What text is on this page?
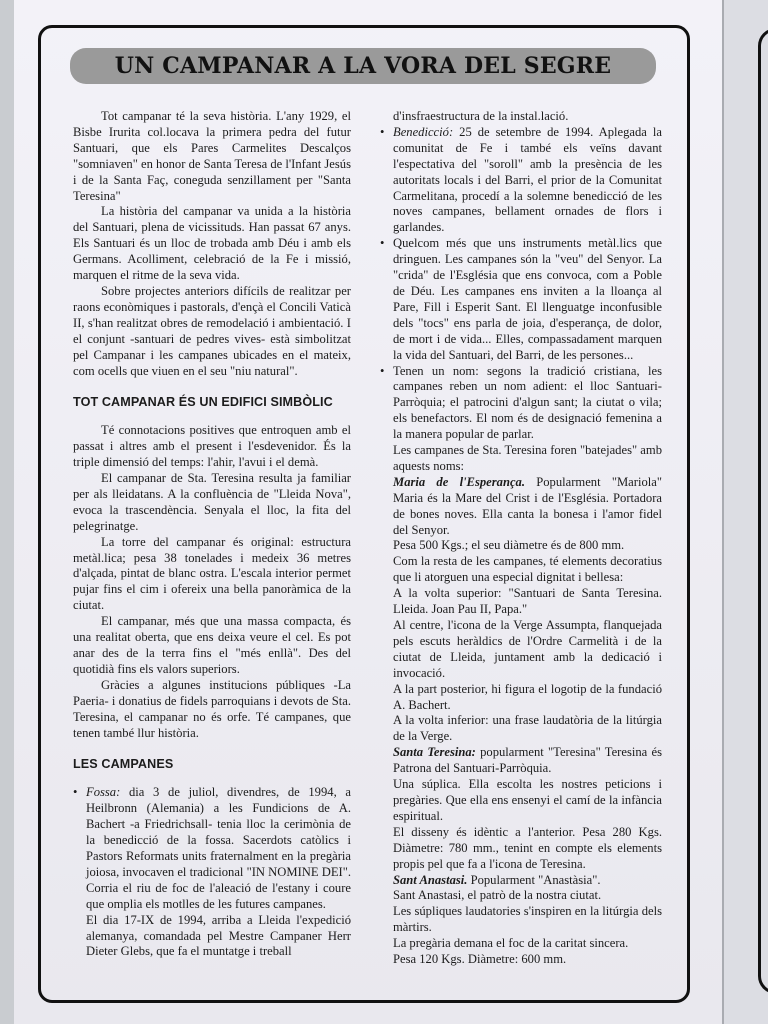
UN CAMPANAR A LA VORA DEL SEGRE

Tot campanar té la seva història. L'any 1929, el Bisbe Irurita col.locava la primera pedra del futur Santuari, que els Pares Carmelites Descalços "somniaven" en honor de Santa Teresa de l'Infant Jesús i de la Santa Faç, coneguda senzillament per "Santa Teresina"

La història del campanar va unida a la història del Santuari, plena de vicissituds. Han passat 67 anys. Els Santuari és un lloc de trobada amb Déu i amb els Germans. Acolliment, celebració de la Fe i missió, marquen el ritme de la seva vida.

Sobre projectes anteriors difícils de realitzar per raons econòmiques i pastorals, d'ençà el Concili Vaticà II, s'han realitzat obres de remodelació i ambientació. I el conjunt -santuari de pedres vives- està simbolitzat pel Campanar i les campanes ubicades en el mateix, com ocells que viuen en el seu "niu natural".

TOT CAMPANAR ÉS UN EDIFICI SIMBÒLIC

Té connotacions positives que entroquen amb el passat i altres amb el present i l'esdevenidor. És la triple dimensió del temps: l'ahir, l'avui i el demà.

El campanar de Sta. Teresina resulta ja familiar per als lleidatans. A la confluència de "Lleida Nova", evoca la trascendència. Senyala el lloc, la fita del pelegrinatge.

La torre del campanar és original: estructura metàl.lica; pesa 38 tonelades i medeix 36 metres d'alçada, pintat de blanc ostra. L'escala interior permet pujar fins el cim i ofereix una bella panoràmica de la ciutat.

El campanar, més que una massa compacta, és una realitat oberta, que ens deixa veure el cel. Es pot anar des de la terra fins el "més enllà". Des del quotidià fins els valors superiors.

Gràcies a algunes institucions públiques -La Paeria- i donatius de fidels parroquians i devots de Sta. Teresina, el campanar no és orfe. Té campanes, que tenen també llur història.

LES CAMPANES

• Fossa: dia 3 de juliol, divendres, de 1994, a Heilbronn (Alemania) a les Fundicions de A. Bachert -a Friedrichsall- tenia lloc la cerimònia de la benedicció de la fossa. Sacerdots catòlics i Pastors Reformats units fraternalment en la pregària joiosa, invocaven el tradicional "IN NOMINE DEI". Corria el riu de foc de l'aleació de l'estany i coure que omplia els motlles de les futures campanes.

El dia 17-IX de 1994, arriba a Lleida l'expedició alemanya, comandada pel Mestre Campaner Herr Dieter Glebs, que fa el muntatge i treball

d'insfraestructura de la instal.lació.

• Benedicció: 25 de setembre de 1994. Aplegada la comunitat de Fe i també els veïns davant l'espectativa del "soroll" amb la presència de les autoritats locals i del Barri, el prior de la Comunitat Carmelitana, procedí a la solemne benedicció de les noves campanes, bellament ornades de flors i garlandes.
• Quelcom més que uns instruments metàl.lics que dringuen. Les campanes són la "veu" del Senyor. La "crida" de l'Església que ens convoca, com a Poble de Déu. Les campanes ens inviten a la lloança al Pare, Fill i Esperit Sant. El llenguatge inconfusible dels "tocs" ens parla de joia, d'esperança, de dolor, de mort i de vida... Elles, compassadament marquen la vida del Santuari, del Barri, de les persones...
• Tenen un nom: segons la tradició cristiana, les campanes reben un nom adient: el lloc Santuari-Parròquia; el patrocini d'algun sant; la ciutat o vila; els benefactors. El nom és de designació femenina a la manera popular de parlar.

Les campanes de Sta. Teresina foren "batejades" amb aquests noms:

Maria de l'Esperança. Popularment "Mariola" Maria és la Mare del Crist i de l'Església. Portadora de bones noves. Ella canta la bonesa i l'amor fidel del Senyor.

Pesa 500 Kgs.; el seu diàmetre és de 800 mm.

Com la resta de les campanes, té elements decoratius que li atorguen una especial dignitat i bellesa:

A la volta superior: "Santuari de Santa Teresina. Lleida. Joan Pau II, Papa."

Al centre, l'icona de la Verge Assumpta, flanquejada pels escuts heràldics de l'Ordre Carmelità i de la ciutat de Lleida, juntament amb la dedicació i invocació.

A la part posterior, hi figura el logotip de la fundació A. Bachert.

A la volta inferior: una frase laudatòria de la litúrgia de la Verge.

Santa Teresina: popularment "Teresina" Teresina és Patrona del Santuari-Parròquia.

Una súplica. Ella escolta les nostres peticions i pregàries. Que ella ens ensenyi el camí de la infància espiritual.

El disseny és idèntic a l'anterior. Pesa 280 Kgs. Diàmetre: 780 mm., tenint en compte els elements propis pel que fa a l'icona de Teresina.

Sant Anastasi. Popularment "Anastàsia".

Sant Anastasi, el patrò de la nostra ciutat.

Les súpliques laudatories s'inspiren en la litúrgia dels màrtirs.

La pregària demana el foc de la caritat sincera.

Pesa 120 Kgs. Diàmetre: 600 mm.
